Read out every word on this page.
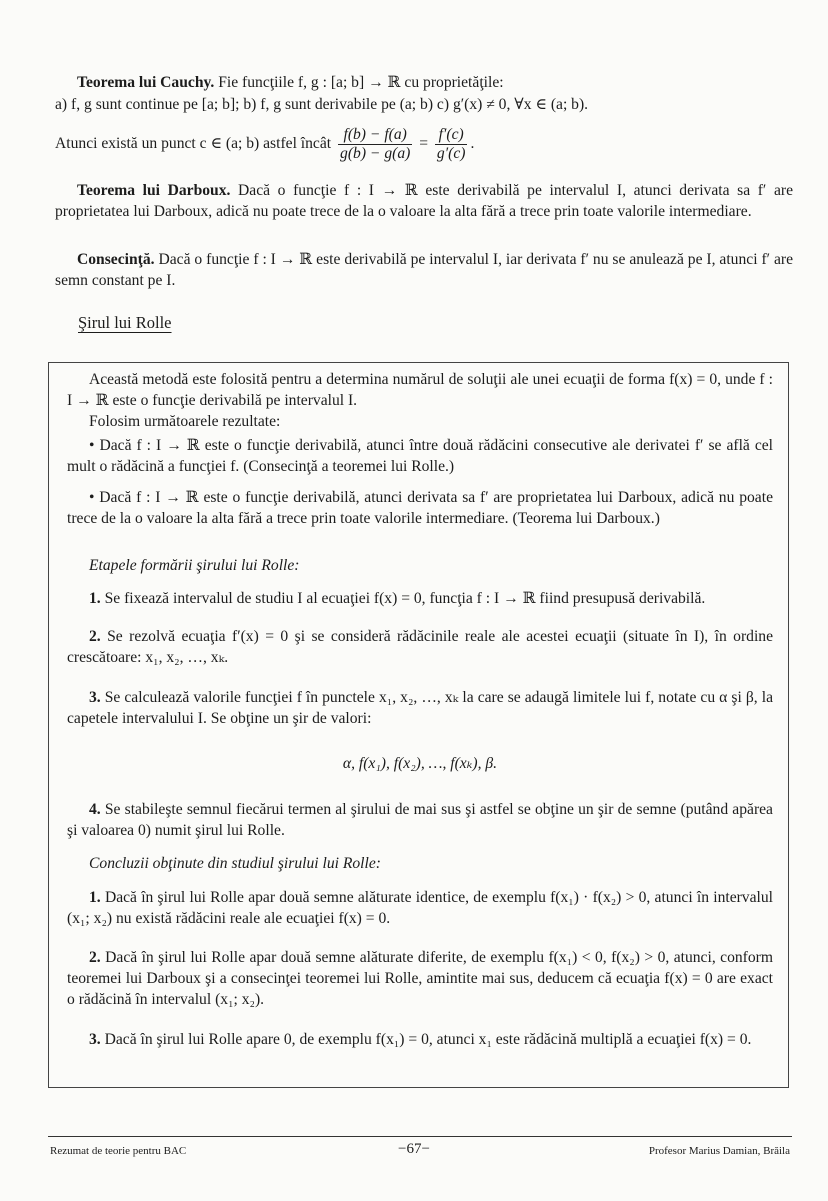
Teorema lui Cauchy. Fie funcţiile f, g : [a; b] → ℝ cu proprietăţile:

a) f, g sunt continue pe [a; b]; b) f, g sunt derivabile pe (a; b) c) g′(x) ≠ 0, ∀x ∈ (a; b).

Atunci există un punct c ∈ (a; b) astfel încât $\frac{f(b) - f(a)}{g(b) - g(a)} = \frac{f'(c)}{g'(c)}$ .

Teorema lui Darboux. Dacă o funcţie f : I → ℝ este derivabilă pe intervalul I, atunci derivata sa f′ are proprietatea lui Darboux, adică nu poate trece de la o valoare la alta fără a trece prin toate valorile intermediare.

Consecinţă. Dacă o funcţie f : I → ℝ este derivabilă pe intervalul I, iar derivata f′ nu se anulează pe I, atunci f′ are semn constant pe I.

Şirul lui Rolle

Această metodă este folosită pentru a determina numărul de soluţii ale unei ecuaţii de forma f(x) = 0, unde f : I → ℝ este o funcţie derivabilă pe intervalul I.

Folosim următoarele rezultate:

• Dacă f : I → ℝ este o funcţie derivabilă, atunci între două rădăcini consecutive ale derivatei f′ se află cel mult o rădăcină a funcţiei f. (Consecinţă a teoremei lui Rolle.)

• Dacă f : I → ℝ este o funcţie derivabilă, atunci derivata sa f′ are proprietatea lui Darboux, adică nu poate trece de la o valoare la alta fără a trece prin toate valorile intermediare. (Teorema lui Darboux.)

Etapele formării şirului lui Rolle:

1. Se fixează intervalul de studiu I al ecuaţiei f(x) = 0, funcţia f : I → ℝ fiind presupusă derivabilă.

2. Se rezolvă ecuaţia f′(x) = 0 şi se consideră rădăcinile reale ale acestei ecuaţii (situate în I), în ordine crescătoare: x₁, x₂, …, xₖ.

3. Se calculează valorile funcţiei f în punctele x₁, x₂, …, xₖ la care se adaugă limitele lui f, notate cu α şi β, la capetele intervalului I. Se obţine un şir de valori:

α, f(x₁), f(x₂), …, f(xₖ), β.

4. Se stabileşte semnul fiecărui termen al şirului de mai sus şi astfel se obţine un şir de semne (putând apărea şi valoarea 0) numit şirul lui Rolle.

Concluzii obţinute din studiul şirului lui Rolle:

1. Dacă în şirul lui Rolle apar două semne alăturate identice, de exemplu f(x₁) · f(x₂) > 0, atunci în intervalul (x₁; x₂) nu există rădăcini reale ale ecuaţiei f(x) = 0.

2. Dacă în şirul lui Rolle apar două semne alăturate diferite, de exemplu f(x₁) < 0, f(x₂) > 0, atunci, conform teoremei lui Darboux şi a consecinţei teoremei lui Rolle, amintite mai sus, deducem că ecuaţia f(x) = 0 are exact o rădăcină în intervalul (x₁; x₂).

3. Dacă în şirul lui Rolle apare 0, de exemplu f(x₁) = 0, atunci x₁ este rădăcină multiplă a ecuaţiei f(x) = 0.

Rezumat de teorie pentru BAC	−67−	Profesor Marius Damian, Brăila
